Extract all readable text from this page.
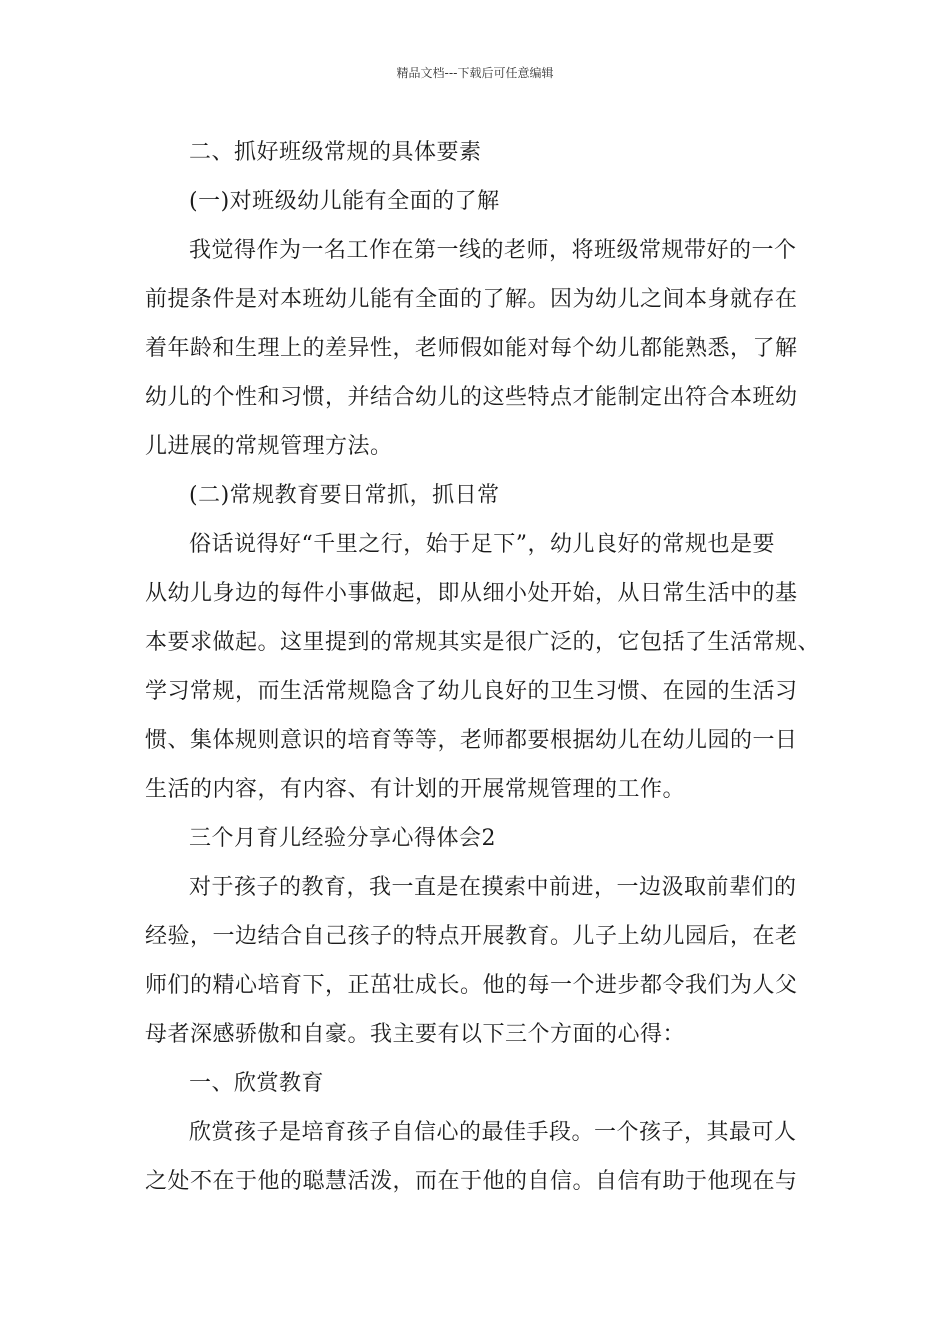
精品文档---下载后可任意编辑
二、抓好班级常规的具体要素
(一)对班级幼儿能有全面的了解
我觉得作为一名工作在第一线的老师，将班级常规带好的一个
前提条件是对本班幼儿能有全面的了解。因为幼儿之间本身就存在
着年龄和生理上的差异性，老师假如能对每个幼儿都能熟悉，了解
幼儿的个性和习惯，并结合幼儿的这些特点才能制定出符合本班幼
儿进展的常规管理方法。
(二)常规教育要日常抓，抓日常
俗话说得好“千里之行，始于足下”，幼儿良好的常规也是要
从幼儿身边的每件小事做起，即从细小处开始，从日常生活中的基
本要求做起。这里提到的常规其实是很广泛的，它包括了生活常规、
学习常规，而生活常规隐含了幼儿良好的卫生习惯、在园的生活习
惯、集体规则意识的培育等等，老师都要根据幼儿在幼儿园的一日
生活的内容，有内容、有计划的开展常规管理的工作。
三个月育儿经验分享心得体会2
对于孩子的教育，我一直是在摸索中前进，一边汲取前辈们的
经验，一边结合自己孩子的特点开展教育。儿子上幼儿园后，在老
师们的精心培育下，正茁壮成长。他的每一个进步都令我们为人父
母者深感骄傲和自豪。我主要有以下三个方面的心得：
一、欣赏教育
欣赏孩子是培育孩子自信心的最佳手段。一个孩子，其最可人
之处不在于他的聪慧活泼，而在于他的自信。自信有助于他现在与
